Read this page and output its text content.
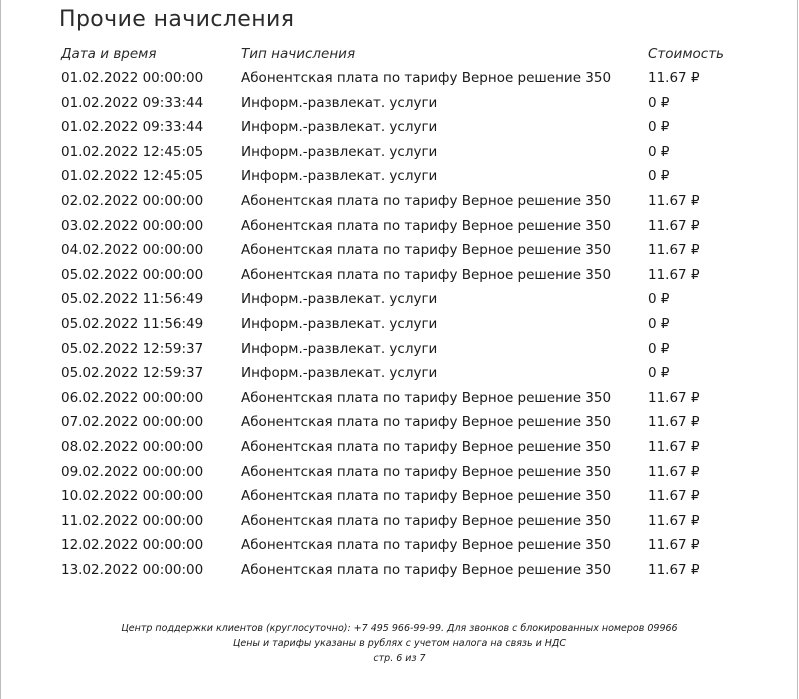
Прочие начисления
Дата и время	Тип начисления	Стоимость
01.02.2022 00:00:00	Абонентская плата по тарифу Верное решение 350	11.67 ₽
01.02.2022 09:33:44	Информ.-развлекат. услуги	0 ₽
01.02.2022 09:33:44	Информ.-развлекат. услуги	0 ₽
01.02.2022 12:45:05	Информ.-развлекат. услуги	0 ₽
01.02.2022 12:45:05	Информ.-развлекат. услуги	0 ₽
02.02.2022 00:00:00	Абонентская плата по тарифу Верное решение 350	11.67 ₽
03.02.2022 00:00:00	Абонентская плата по тарифу Верное решение 350	11.67 ₽
04.02.2022 00:00:00	Абонентская плата по тарифу Верное решение 350	11.67 ₽
05.02.2022 00:00:00	Абонентская плата по тарифу Верное решение 350	11.67 ₽
05.02.2022 11:56:49	Информ.-развлекат. услуги	0 ₽
05.02.2022 11:56:49	Информ.-развлекат. услуги	0 ₽
05.02.2022 12:59:37	Информ.-развлекат. услуги	0 ₽
05.02.2022 12:59:37	Информ.-развлекат. услуги	0 ₽
06.02.2022 00:00:00	Абонентская плата по тарифу Верное решение 350	11.67 ₽
07.02.2022 00:00:00	Абонентская плата по тарифу Верное решение 350	11.67 ₽
08.02.2022 00:00:00	Абонентская плата по тарифу Верное решение 350	11.67 ₽
09.02.2022 00:00:00	Абонентская плата по тарифу Верное решение 350	11.67 ₽
10.02.2022 00:00:00	Абонентская плата по тарифу Верное решение 350	11.67 ₽
11.02.2022 00:00:00	Абонентская плата по тарифу Верное решение 350	11.67 ₽
12.02.2022 00:00:00	Абонентская плата по тарифу Верное решение 350	11.67 ₽
13.02.2022 00:00:00	Абонентская плата по тарифу Верное решение 350	11.67 ₽
Центр поддержки клиентов (круглосуточно): +7 495 966-99-99. Для звонков с блокированных номеров 09966
Цены и тарифы указаны в рублях с учетом налога на связь и НДС
стр. 6 из 7
